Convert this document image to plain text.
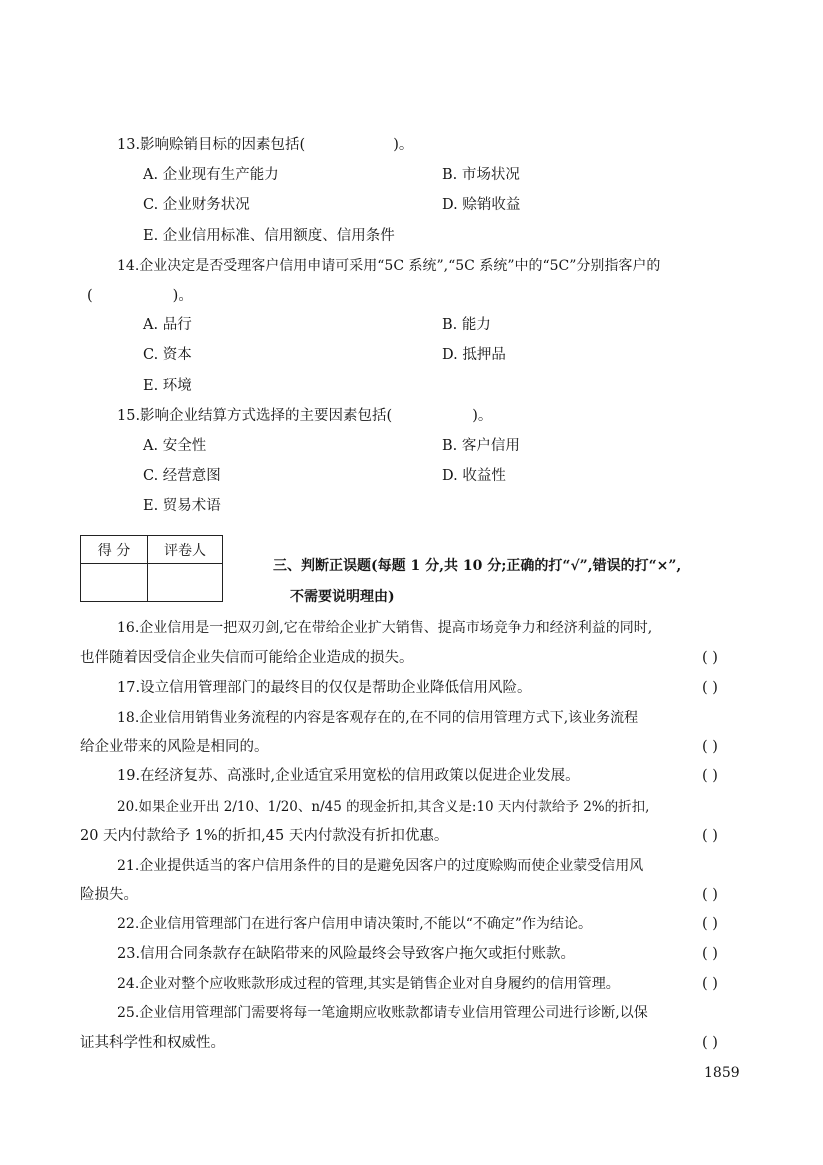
13.影响赊销目标的因素包括(	)。
A. 企业现有生产能力	B. 市场状况
C. 企业财务状况	D. 赊销收益
E. 企业信用标准、信用额度、信用条件
14.企业决定是否受理客户信用申请可采用“5C 系统”,“5C 系统”中的“5C”分别指客户的
(	)。
A. 品行	B. 能力
C. 资本	D. 抵押品
E. 环境
15.影响企业结算方式选择的主要因素包括(	)。
A. 安全性	B. 客户信用
C. 经营意图	D. 收益性
E. 贸易术语
得 分	评卷人

三、判断正误题(每题 1 分,共 10 分;正确的打“√”,错误的打“×”,
不需要说明理由)
16.企业信用是一把双刃剑,它在带给企业扩大销售、提高市场竞争力和经济利益的同时,
也伴随着因受信企业失信而可能给企业造成的损失。	( )
17.设立信用管理部门的最终目的仅仅是帮助企业降低信用风险。	( )
18.企业信用销售业务流程的内容是客观存在的,在不同的信用管理方式下,该业务流程
给企业带来的风险是相同的。	( )
19.在经济复苏、高涨时,企业适宜采用宽松的信用政策以促进企业发展。	( )
20.如果企业开出 2/10、1/20、n/45 的现金折扣,其含义是:10 天内付款给予 2%的折扣,
20 天内付款给予 1%的折扣,45 天内付款没有折扣优惠。	( )
21.企业提供适当的客户信用条件的目的是避免因客户的过度赊购而使企业蒙受信用风
险损失。	( )
22.企业信用管理部门在进行客户信用申请决策时,不能以“不确定”作为结论。	( )
23.信用合同条款存在缺陷带来的风险最终会导致客户拖欠或拒付账款。	( )
24.企业对整个应收账款形成过程的管理,其实是销售企业对自身履约的信用管理。	( )
25.企业信用管理部门需要将每一笔逾期应收账款都请专业信用管理公司进行诊断,以保
证其科学性和权威性。	( )
1859
